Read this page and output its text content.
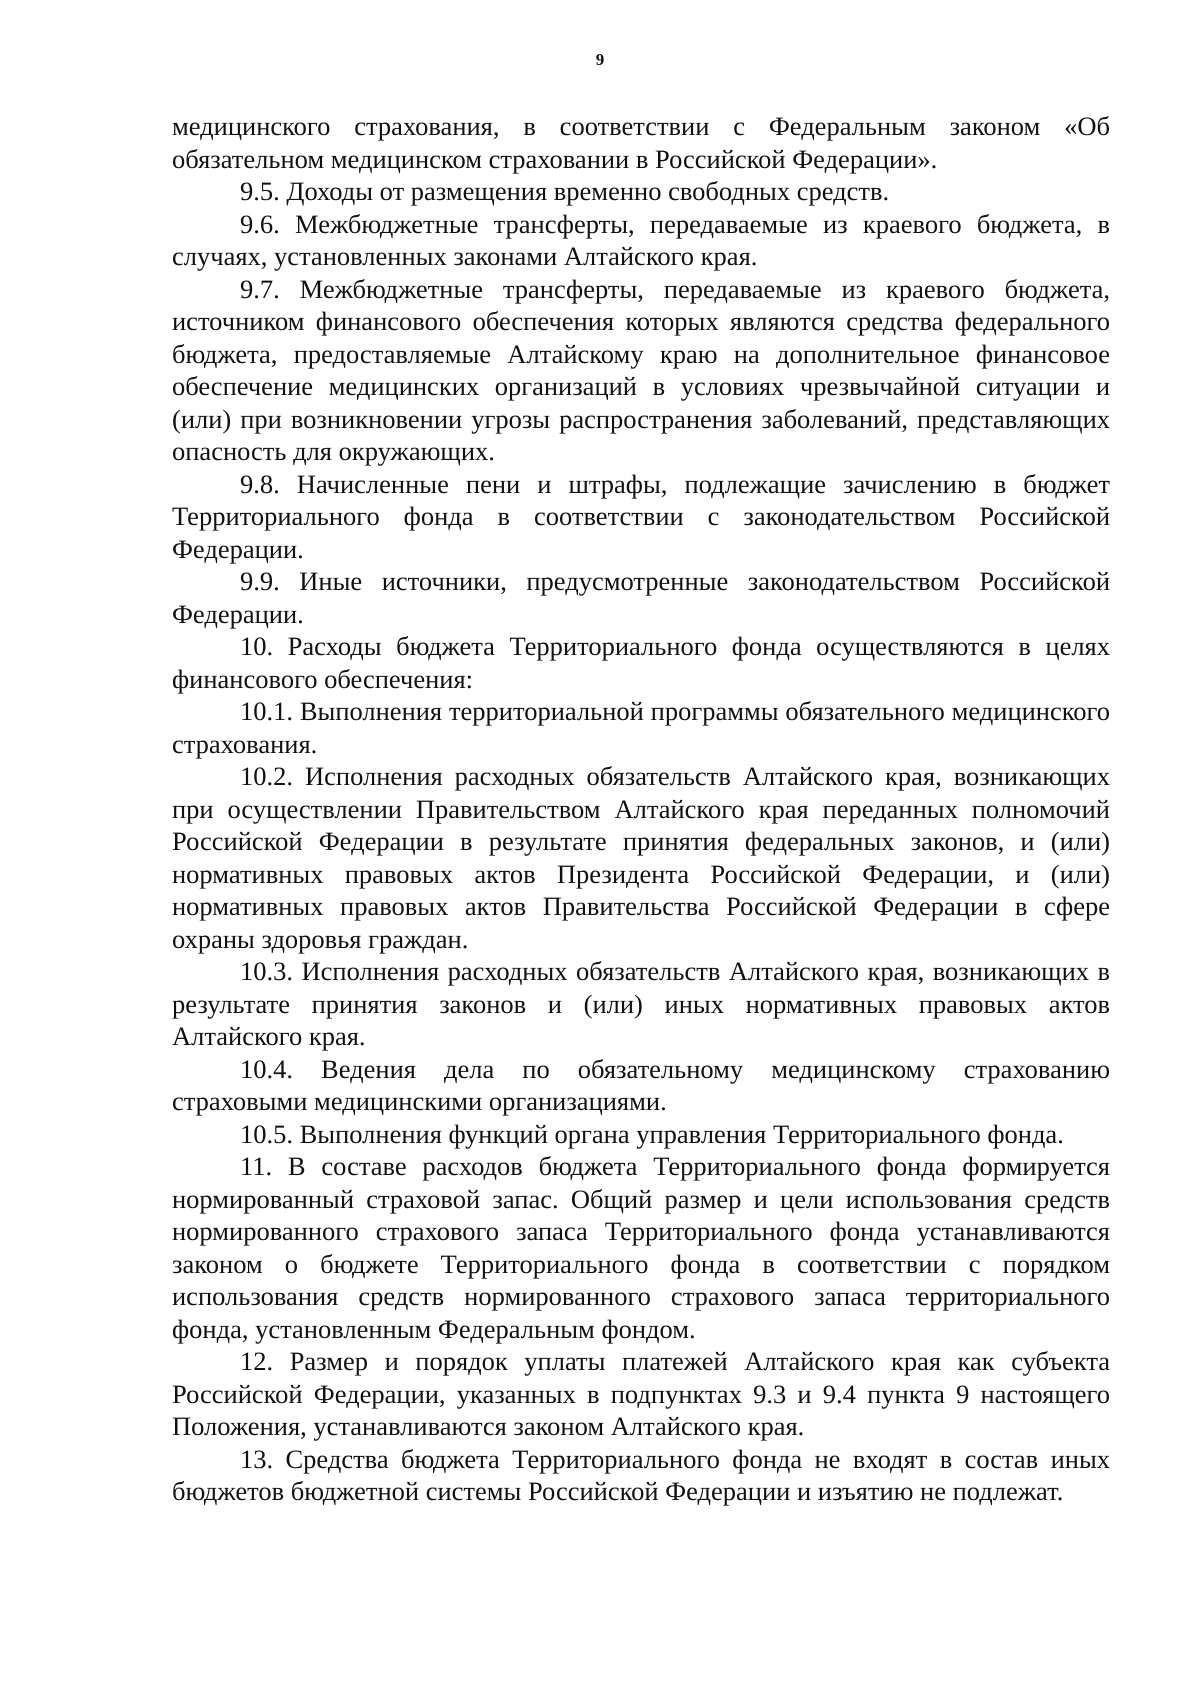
9

медицинского страхования, в соответствии с Федеральным законом «Об обязательном медицинском страховании в Российской Федерации».

9.5. Доходы от размещения временно свободных средств.

9.6. Межбюджетные трансферты, передаваемые из краевого бюджета, в случаях, установленных законами Алтайского края.

9.7. Межбюджетные трансферты, передаваемые из краевого бюджета, источником финансового обеспечения которых являются средства федерального бюджета, предоставляемые Алтайскому краю на дополнительное финансовое обеспечение медицинских организаций в условиях чрезвычайной ситуации и (или) при возникновении угрозы распространения заболеваний, представляющих опасность для окружающих.

9.8. Начисленные пени и штрафы, подлежащие зачислению в бюджет Территориального фонда в соответствии с законодательством Российской Федерации.

9.9. Иные источники, предусмотренные законодательством Российской Федерации.

10. Расходы бюджета Территориального фонда осуществляются в целях финансового обеспечения:

10.1. Выполнения территориальной программы обязательного медицинского страхования.

10.2. Исполнения расходных обязательств Алтайского края, возникающих при осуществлении Правительством Алтайского края переданных полномочий Российской Федерации в результате принятия федеральных законов, и (или) нормативных правовых актов Президента Российской Федерации, и (или) нормативных правовых актов Правительства Российской Федерации в сфере охраны здоровья граждан.

10.3. Исполнения расходных обязательств Алтайского края, возникающих в результате принятия законов и (или) иных нормативных правовых актов Алтайского края.

10.4. Ведения дела по обязательному медицинскому страхованию страховыми медицинскими организациями.

10.5. Выполнения функций органа управления Территориального фонда.

11. В составе расходов бюджета Территориального фонда формируется нормированный страховой запас. Общий размер и цели использования средств нормированного страхового запаса Территориального фонда устанавливаются законом о бюджете Территориального фонда в соответствии с порядком использования средств нормированного страхового запаса территориального фонда, установленным Федеральным фондом.

12. Размер и порядок уплаты платежей Алтайского края как субъекта Российской Федерации, указанных в подпунктах 9.3 и 9.4 пункта 9 настоящего Положения, устанавливаются законом Алтайского края.

13. Средства бюджета Территориального фонда не входят в состав иных бюджетов бюджетной системы Российской Федерации и изъятию не подлежат.
